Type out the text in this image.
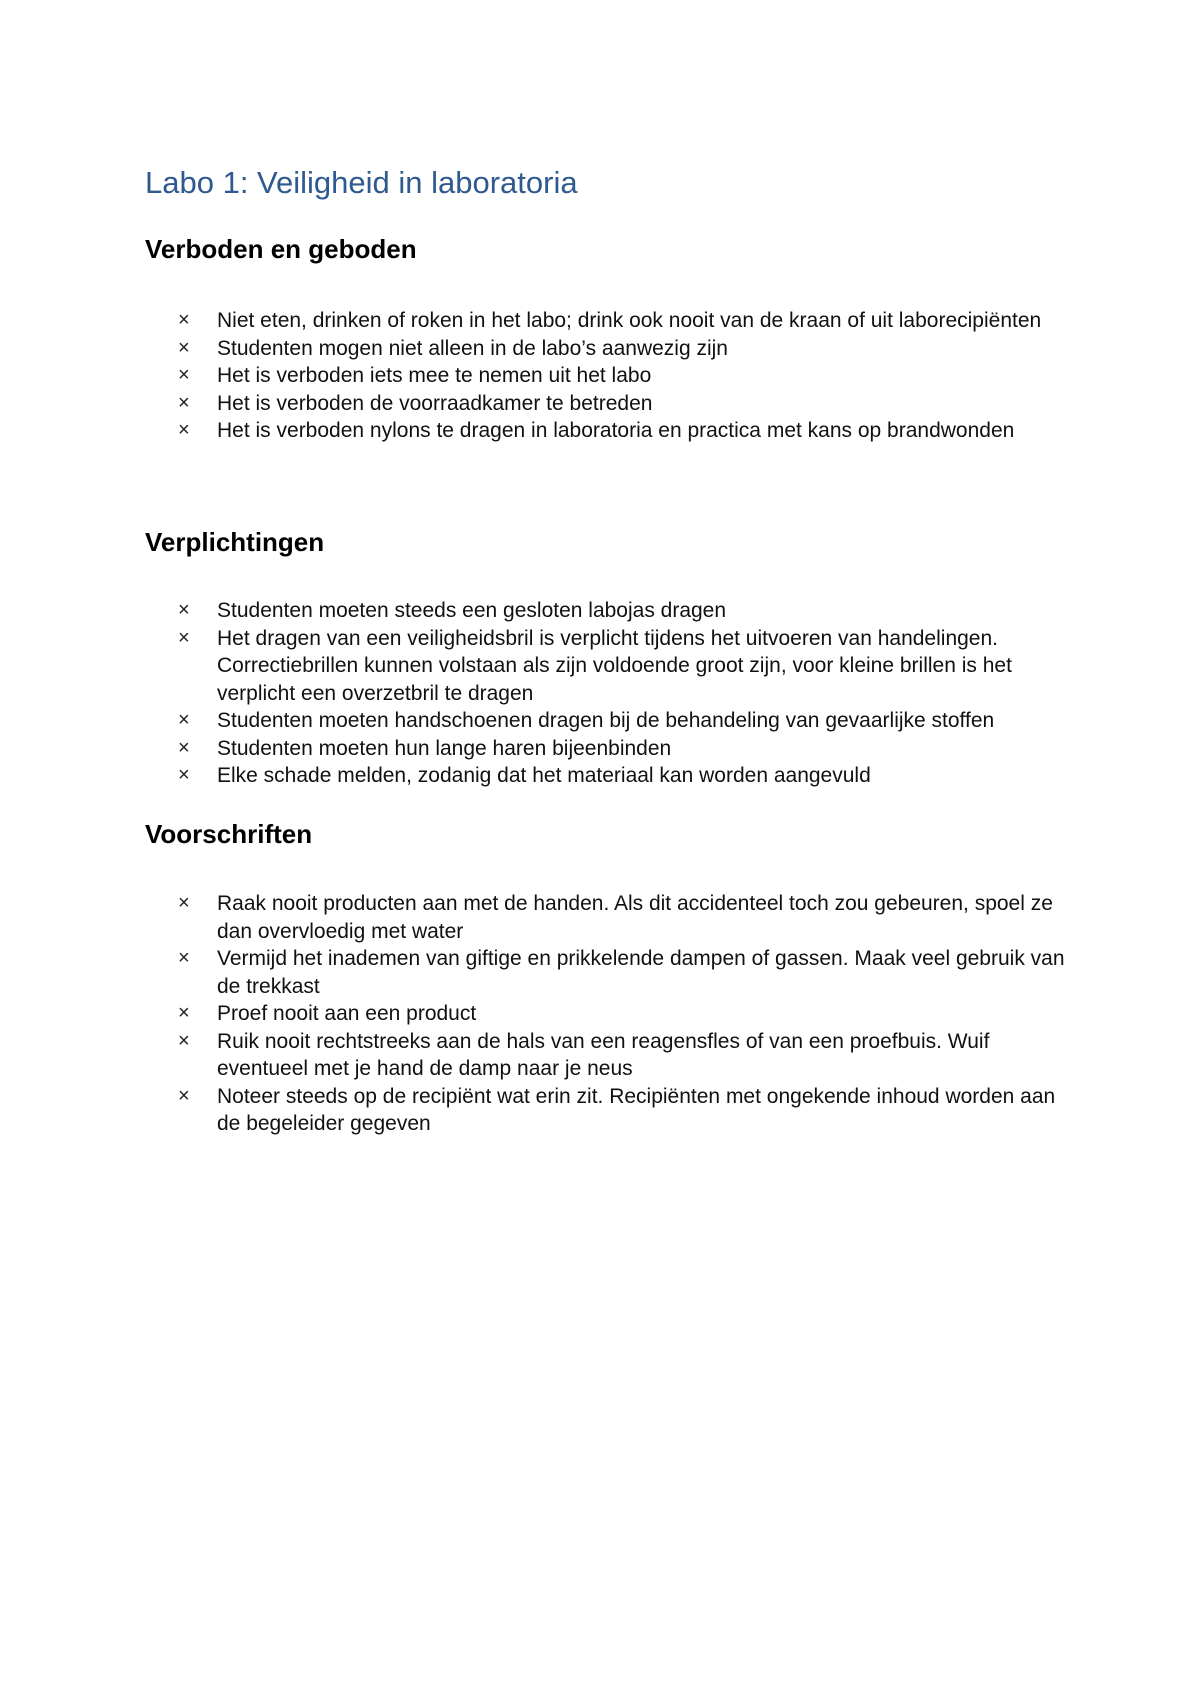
Labo 1: Veiligheid in laboratoria
Verboden en geboden
×	Niet eten, drinken of roken in het labo; drink ook nooit van de kraan of uit laborecipiënten
×	Studenten mogen niet alleen in de labo’s aanwezig zijn
×	Het is verboden iets mee te nemen uit het labo
×	Het is verboden de voorraadkamer te betreden
×	Het is verboden nylons te dragen in laboratoria en practica met kans op brandwonden
Verplichtingen
×	Studenten moeten steeds een gesloten labojas dragen
×	Het dragen van een veiligheidsbril is verplicht tijdens het uitvoeren van handelingen. Correctiebrillen kunnen volstaan als zijn voldoende groot zijn, voor kleine brillen is het verplicht een overzetbril te dragen
×	Studenten moeten handschoenen dragen bij de behandeling van gevaarlijke stoffen
×	Studenten moeten hun lange haren bijeenbinden
×	Elke schade melden, zodanig dat het materiaal kan worden aangevuld
Voorschriften
×	Raak nooit producten aan met de handen. Als dit accidenteel toch zou gebeuren, spoel ze dan overvloedig met water
×	Vermijd het inademen van giftige en prikkelende dampen of gassen. Maak veel gebruik van de trekkast
×	Proef nooit aan een product
×	Ruik nooit rechtstreeks aan de hals van een reagensfles of van een proefbuis. Wuif eventueel met je hand de damp naar je neus
×	Noteer steeds op de recipiënt wat erin zit. Recipiënten met ongekende inhoud worden aan de begeleider gegeven
